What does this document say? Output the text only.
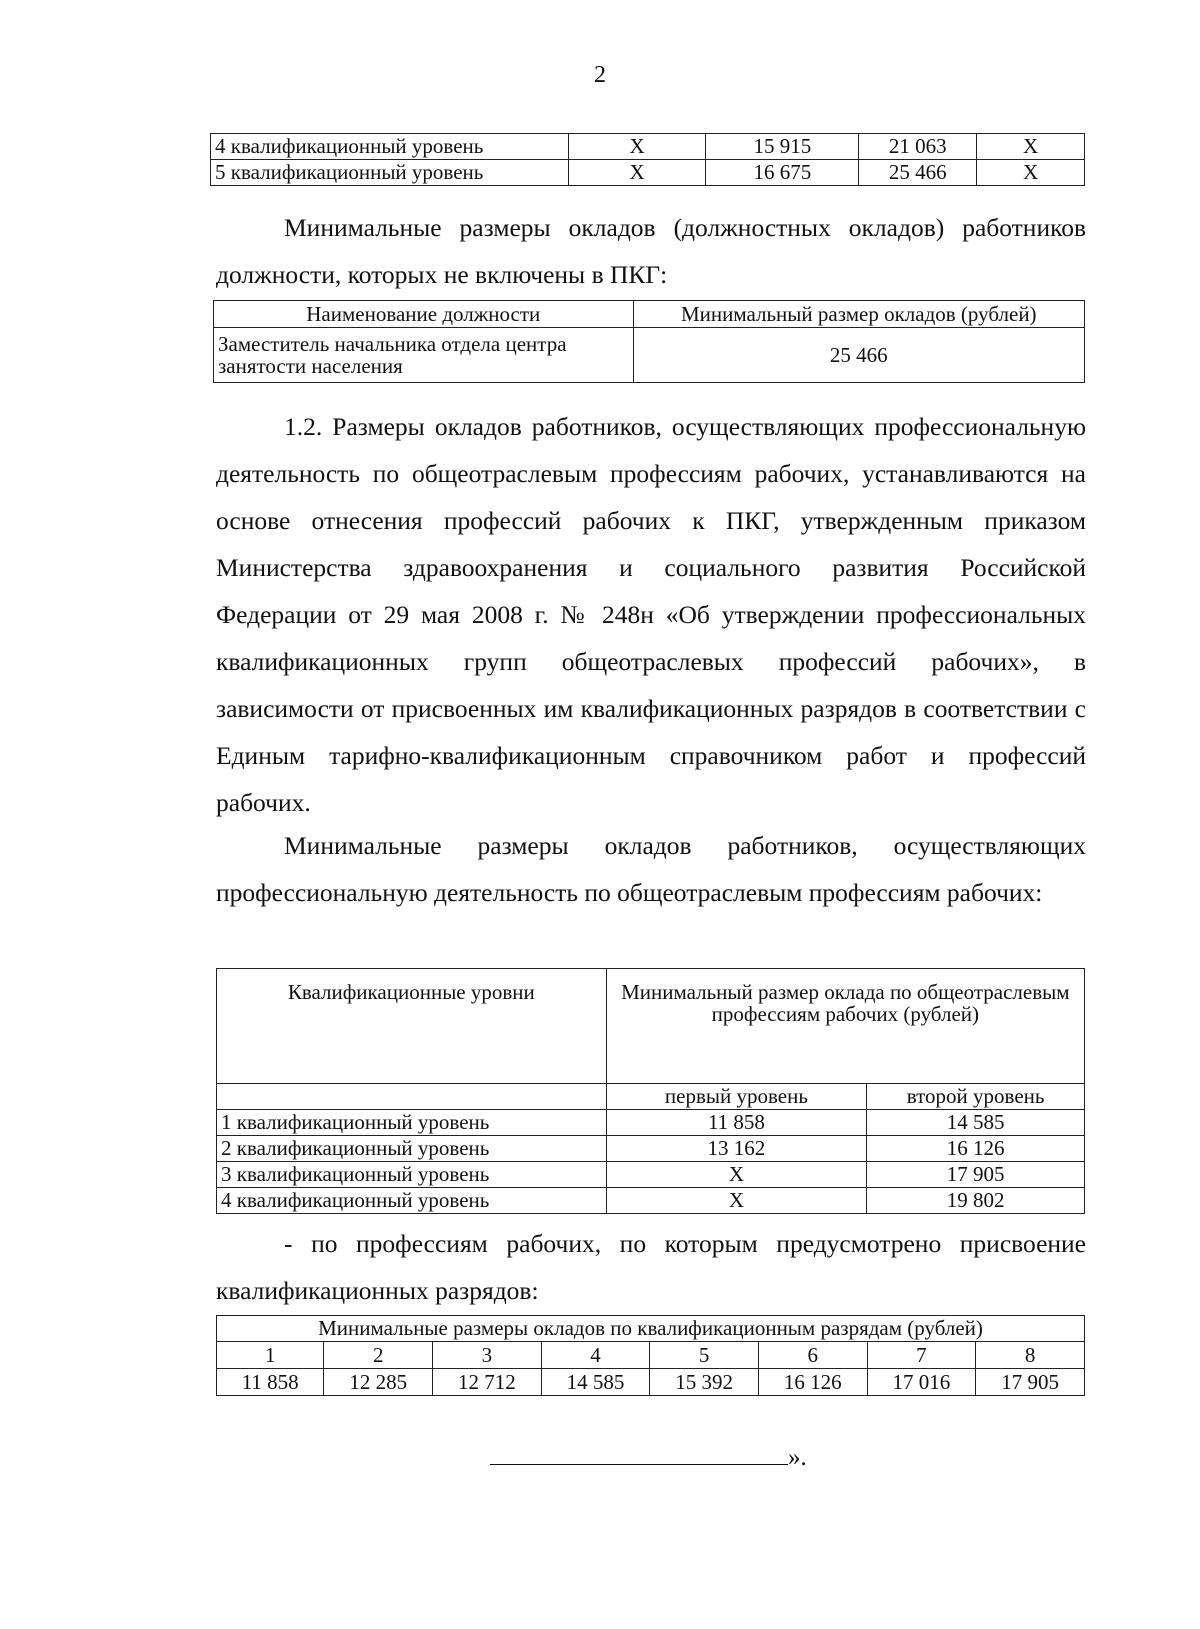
2
4 квалификационный уровень	Х	15 915	21 063	Х
5 квалификационный уровень	Х	16 675	25 466	Х
Минимальные размеры окладов (должностных окладов) работников должности, которых не включены в ПКГ:
Наименование должности	Минимальный размер окладов (рублей)
Заместитель начальника отдела центра занятости населения	25 466
1.2. Размеры окладов работников, осуществляющих профессиональную деятельность по общеотраслевым профессиям рабочих, устанавливаются на основе отнесения профессий рабочих к ПКГ, утвержденным приказом Министерства здравоохранения и социального развития Российской Федерации от 29 мая 2008 г. № 248н «Об утверждении профессиональных квалификационных групп общеотраслевых профессий рабочих», в зависимости от присвоенных им квалификационных разрядов в соответствии с Единым тарифно-квалификационным справочником работ и профессий рабочих.
Минимальные размеры окладов работников, осуществляющих профессиональную деятельность по общеотраслевым профессиям рабочих:
Квалификационные уровни	Минимальный размер оклада по общеотраслевым профессиям рабочих (рублей)	
	первый уровень	второй уровень
1 квалификационный уровень	11 858	14 585
2 квалификационный уровень	13 162	16 126
3 квалификационный уровень	Х	17 905
4 квалификационный уровень	Х	19 802
- по профессиям рабочих, по которым предусмотрено присвоение квалификационных разрядов:
Минимальные размеры окладов по квалификационным разрядам (рублей)							
1	2	3	4	5	6	7	8
11 858	12 285	12 712	14 585	15 392	16 126	17 016	17 905
».
